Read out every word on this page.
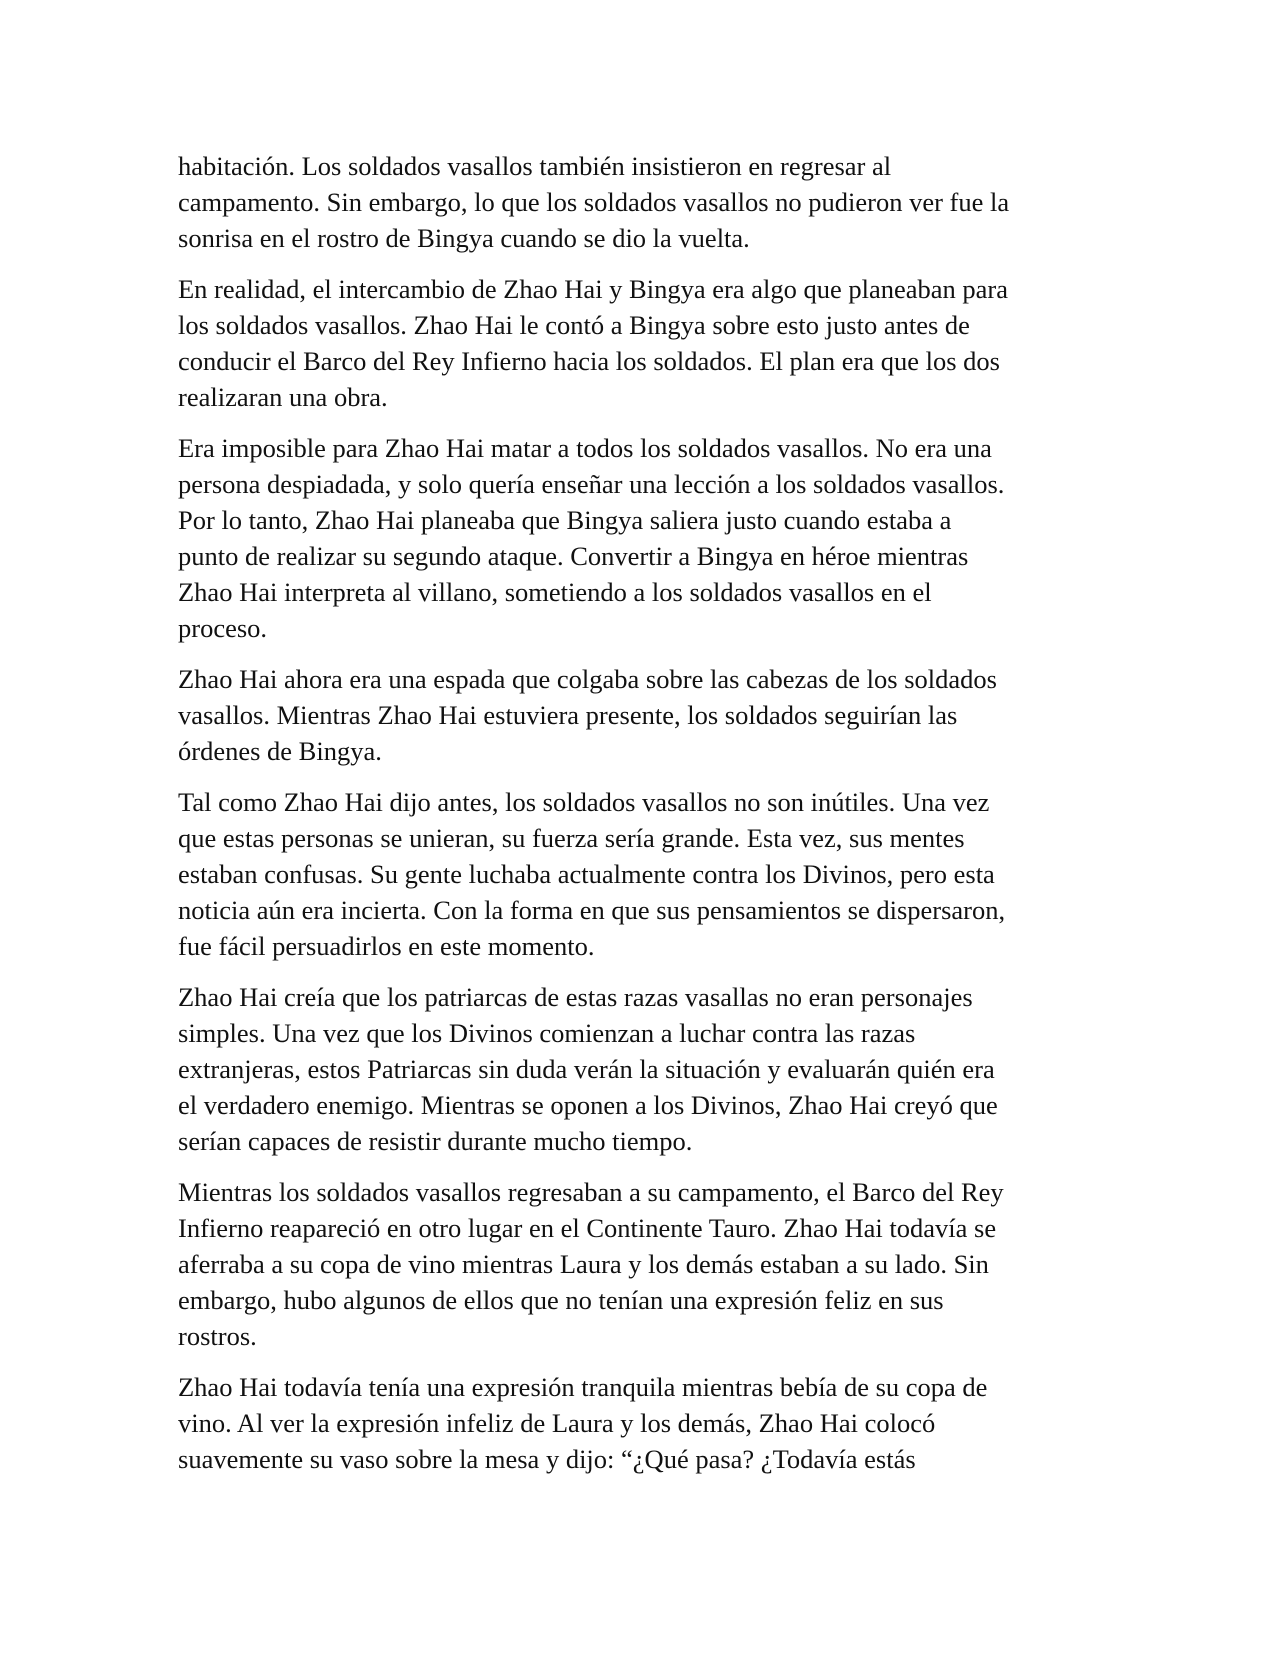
habitación. Los soldados vasallos también insistieron en regresar al
campamento. Sin embargo, lo que los soldados vasallos no pudieron ver fue la
sonrisa en el rostro de Bingya cuando se dio la vuelta.

En realidad, el intercambio de Zhao Hai y Bingya era algo que planeaban para
los soldados vasallos. Zhao Hai le contó a Bingya sobre esto justo antes de
conducir el Barco del Rey Infierno hacia los soldados. El plan era que los dos
realizaran una obra.

Era imposible para Zhao Hai matar a todos los soldados vasallos. No era una
persona despiadada, y solo quería enseñar una lección a los soldados vasallos.
Por lo tanto, Zhao Hai planeaba que Bingya saliera justo cuando estaba a
punto de realizar su segundo ataque. Convertir a Bingya en héroe mientras
Zhao Hai interpreta al villano, sometiendo a los soldados vasallos en el
proceso.

Zhao Hai ahora era una espada que colgaba sobre las cabezas de los soldados
vasallos. Mientras Zhao Hai estuviera presente, los soldados seguirían las
órdenes de Bingya.

Tal como Zhao Hai dijo antes, los soldados vasallos no son inútiles. Una vez
que estas personas se unieran, su fuerza sería grande. Esta vez, sus mentes
estaban confusas. Su gente luchaba actualmente contra los Divinos, pero esta
noticia aún era incierta. Con la forma en que sus pensamientos se dispersaron,
fue fácil persuadirlos en este momento.

Zhao Hai creía que los patriarcas de estas razas vasallas no eran personajes
simples. Una vez que los Divinos comienzan a luchar contra las razas
extranjeras, estos Patriarcas sin duda verán la situación y evaluarán quién era
el verdadero enemigo. Mientras se oponen a los Divinos, Zhao Hai creyó que
serían capaces de resistir durante mucho tiempo.

Mientras los soldados vasallos regresaban a su campamento, el Barco del Rey
Infierno reapareció en otro lugar en el Continente Tauro. Zhao Hai todavía se
aferraba a su copa de vino mientras Laura y los demás estaban a su lado. Sin
embargo, hubo algunos de ellos que no tenían una expresión feliz en sus
rostros.

Zhao Hai todavía tenía una expresión tranquila mientras bebía de su copa de
vino. Al ver la expresión infeliz de Laura y los demás, Zhao Hai colocó
suavemente su vaso sobre la mesa y dijo: “¿Qué pasa? ¿Todavía estás
